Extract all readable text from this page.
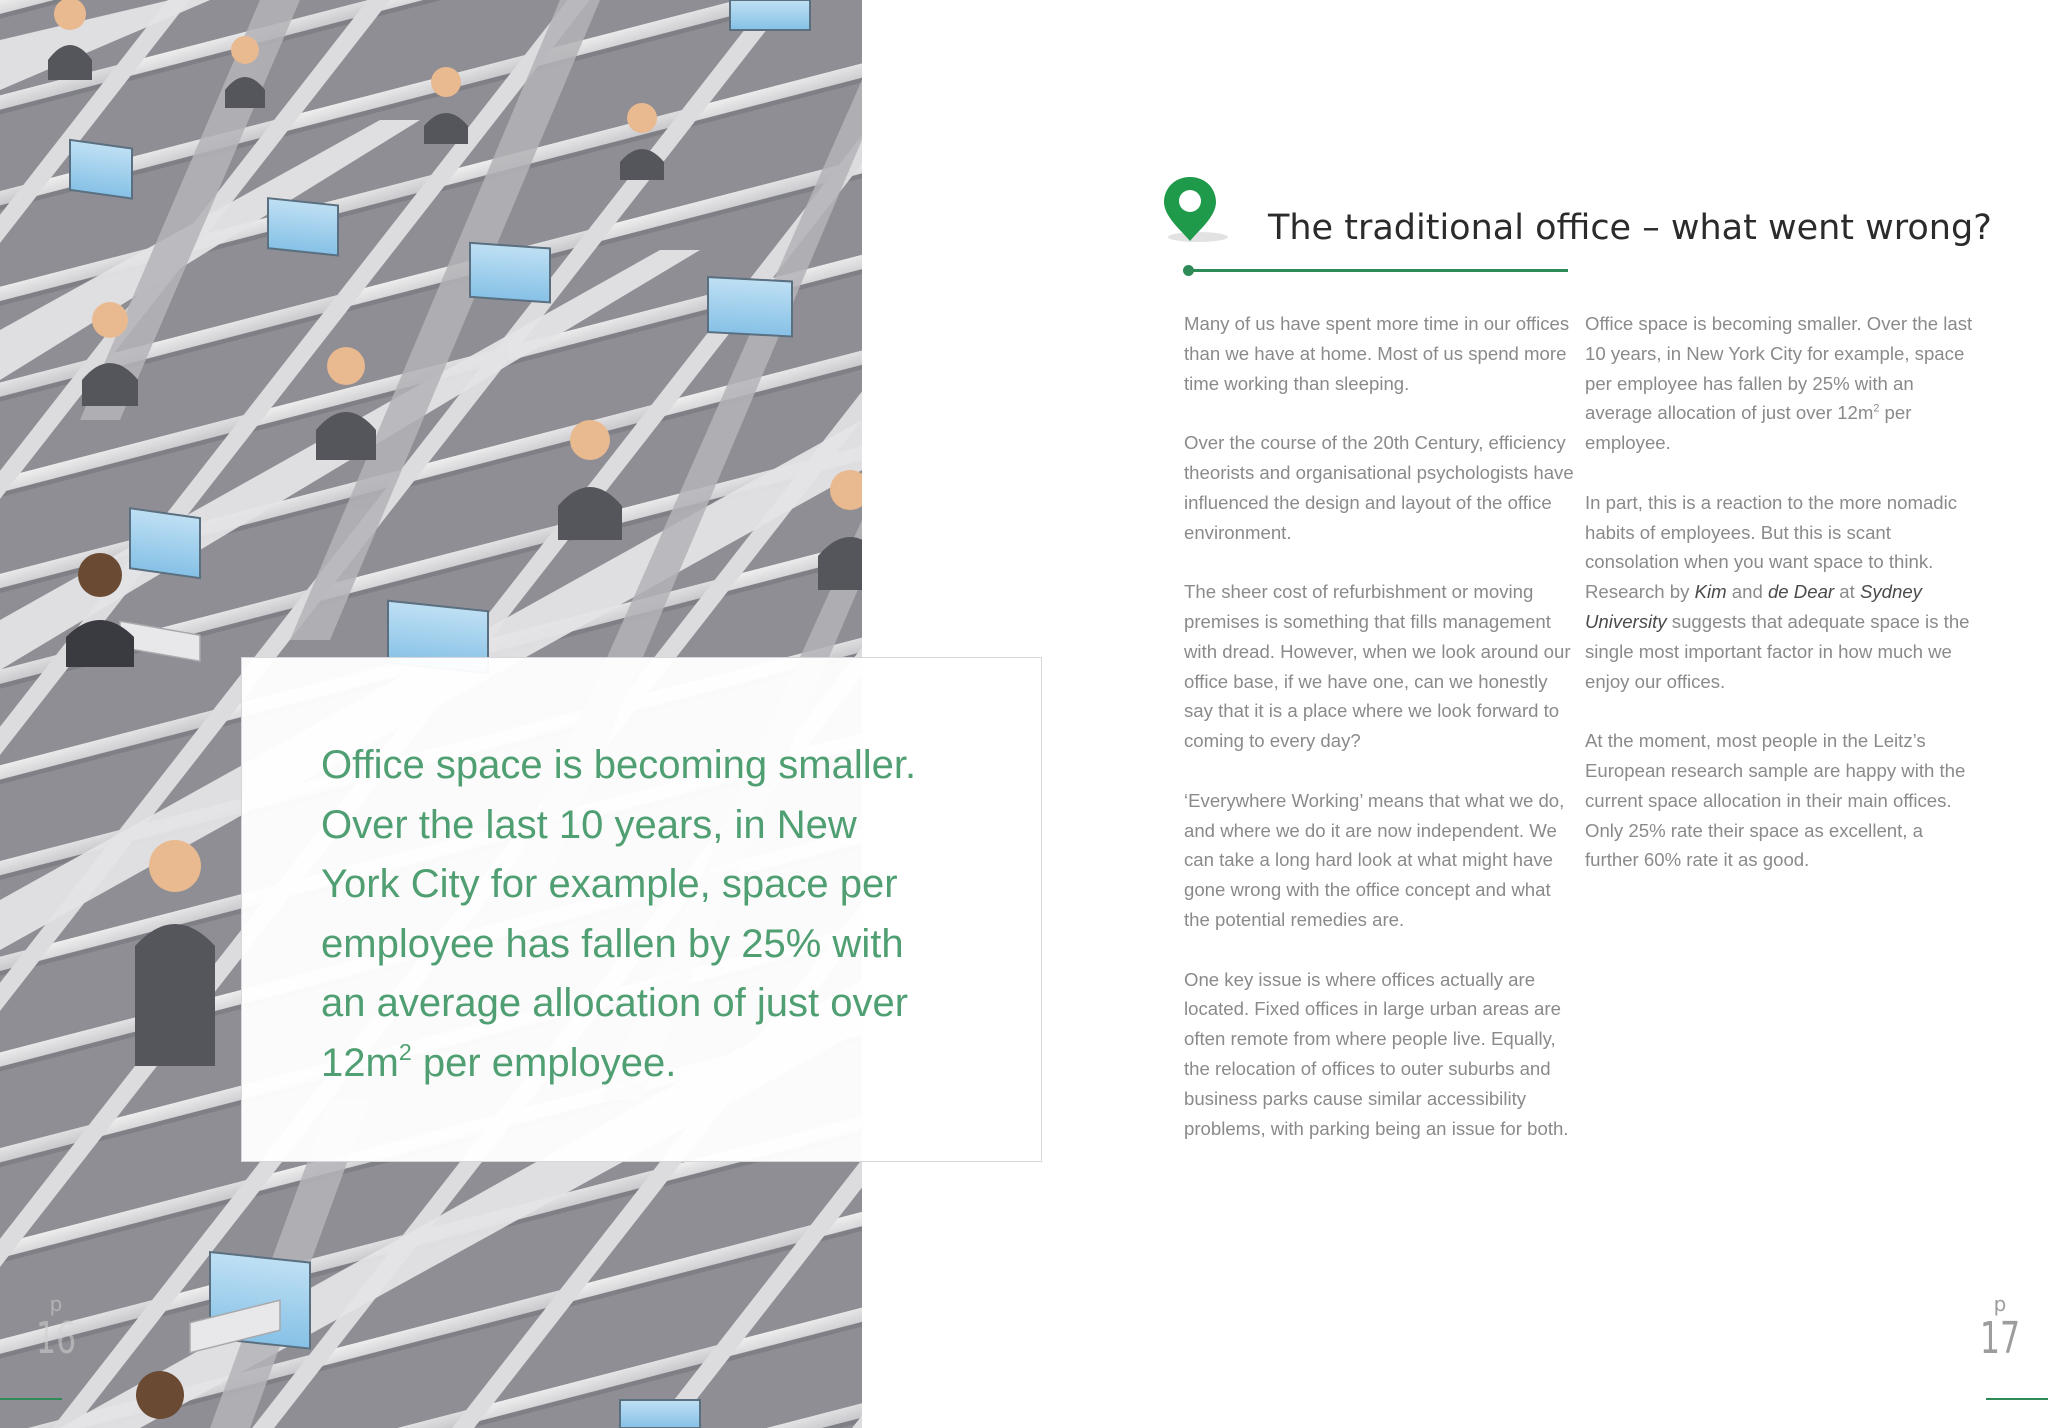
Office space is becoming smaller.
Over the last 10 years, in New
York City for example, space per
employee has fallen by 25% with
an average allocation of just over
$12m^2$ per employee.

p
16
p
17
The traditional office – what went wrong?

Many of us have spent more time in our offices than we have at home. Most of us spend more time working than sleeping.

Over the course of the 20th Century, efficiency theorists and organisational psychologists have influenced the design and layout of the office environment.

The sheer cost of refurbishment or moving premises is something that fills management with dread. However, when we look around our office base, if we have one, can we honestly say that it is a place where we look forward to coming to every day?

‘Everywhere Working’ means that what we do, and where we do it are now independent. We can take a long hard look at what might have gone wrong with the office concept and what the potential remedies are.

One key issue is where offices actually are located. Fixed offices in large urban areas are often remote from where people live. Equally, the relocation of offices to outer suburbs and business parks cause similar accessibility problems, with parking being an issue for both.

Office space is becoming smaller. Over the last 10 years, in New York City for example, space per employee has fallen by 25% with an average allocation of just over $12m^2$ per employee.

In part, this is a reaction to the more nomadic habits of employees. But this is scant consolation when you want space to think. Research by Kim and de Dear at Sydney University suggests that adequate space is the single most important factor in how much we enjoy our offices.

At the moment, most people in the Leitz’s European research sample are happy with the current space allocation in their main offices. Only 25% rate their space as excellent, a further 60% rate it as good.
